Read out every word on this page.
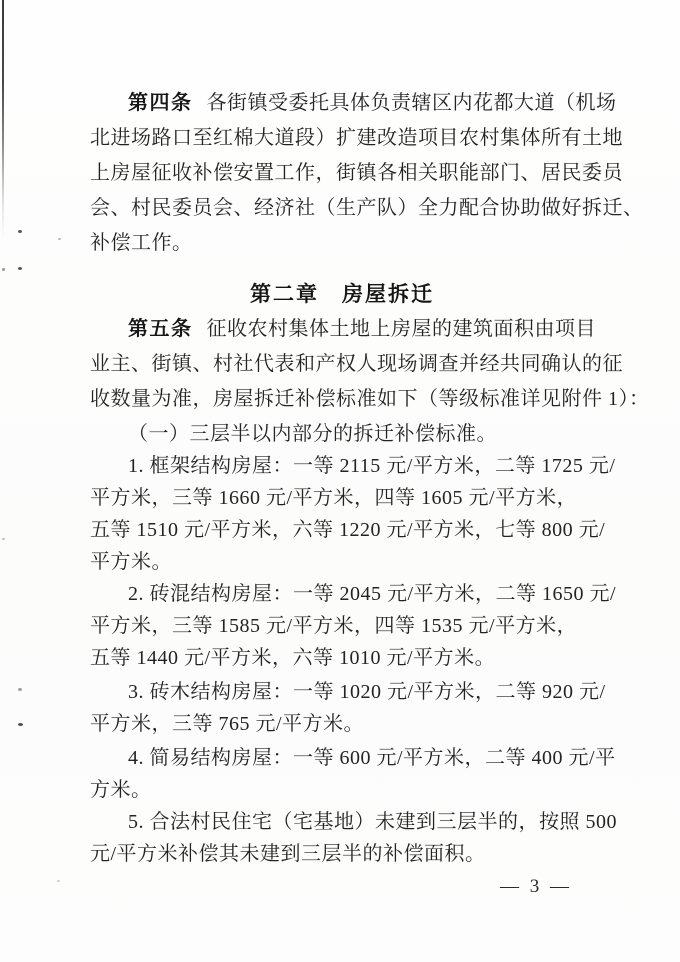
第四条 各街镇受委托具体负责辖区内花都大道（机场
北进场路口至红棉大道段）扩建改造项目农村集体所有土地
上房屋征收补偿安置工作，街镇各相关职能部门、居民委员
会、村民委员会、经济社（生产队）全力配合协助做好拆迁、
补偿工作。
第二章　房屋拆迁
第五条 征收农村集体土地上房屋的建筑面积由项目
业主、街镇、村社代表和产权人现场调查并经共同确认的征
收数量为准，房屋拆迁补偿标准如下（等级标准详见附件 1）：
（一）三层半以内部分的拆迁补偿标准。
1. 框架结构房屋：一等 2115 元/平方米，二等 1725 元/
平方米，三等 1660 元/平方米，四等 1605 元/平方米，
五等 1510 元/平方米，六等 1220 元/平方米，七等 800 元/
平方米。
2. 砖混结构房屋：一等 2045 元/平方米，二等 1650 元/
平方米，三等 1585 元/平方米，四等 1535 元/平方米，
五等 1440 元/平方米，六等 1010 元/平方米。
3. 砖木结构房屋：一等 1020 元/平方米，二等 920 元/
平方米，三等 765 元/平方米。
4. 简易结构房屋：一等 600 元/平方米，二等 400 元/平
方米。
5. 合法村民住宅（宅基地）未建到三层半的，按照 500
元/平方米补偿其未建到三层半的补偿面积。
— 3 —
